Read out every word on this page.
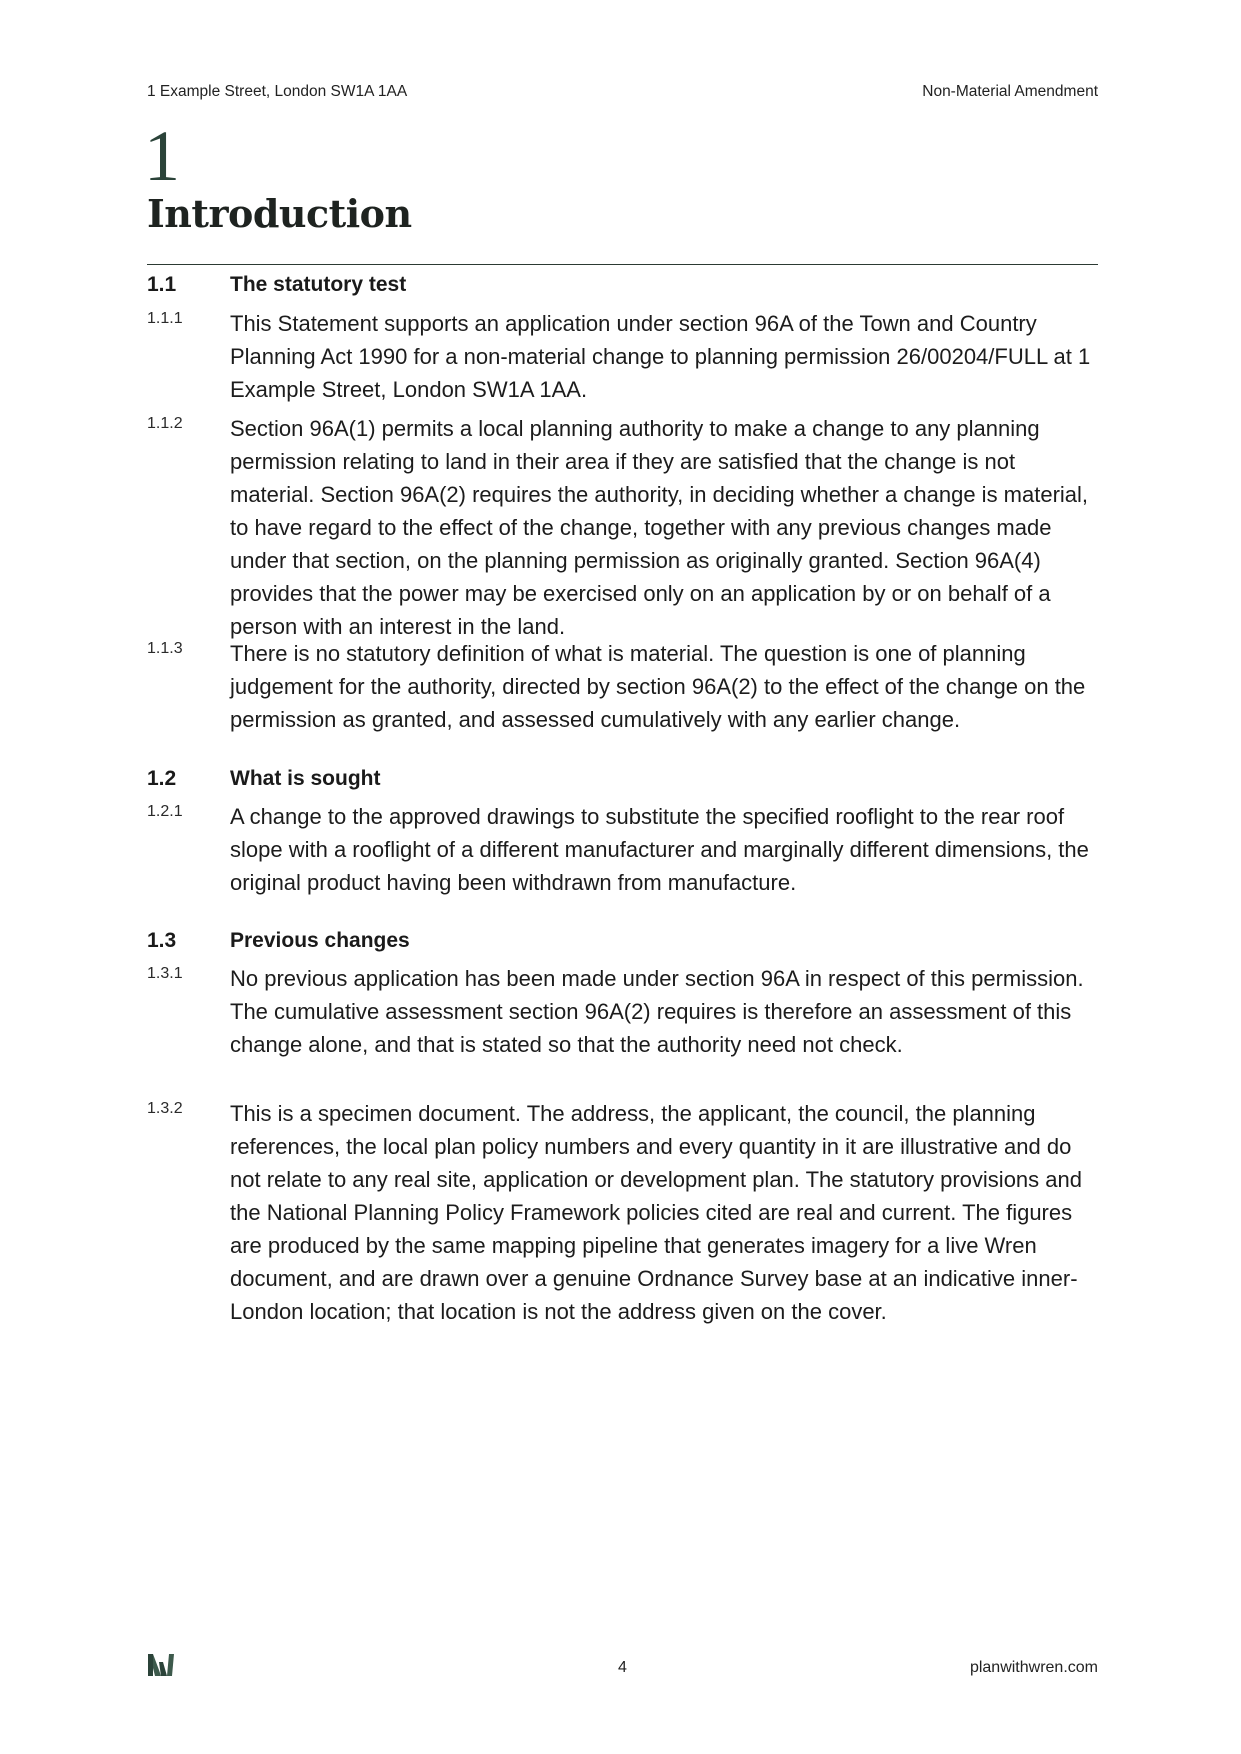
1 Example Street, London SW1A 1AA	Non-Material Amendment
1
Introduction
1.1	The statutory test
1.1.1	This Statement supports an application under section 96A of the Town and Country Planning Act 1990 for a non-material change to planning permission 26/00204/FULL at 1 Example Street, London SW1A 1AA.

1.1.2	Section 96A(1) permits a local planning authority to make a change to any planning permission relating to land in their area if they are satisfied that the change is not material. Section 96A(2) requires the authority, in deciding whether a change is material, to have regard to the effect of the change, together with any previous changes made under that section, on the planning permission as originally granted. Section 96A(4) provides that the power may be exercised only on an application by or on behalf of a person with an interest in the land.

1.1.3	There is no statutory definition of what is material. The question is one of planning judgement for the authority, directed by section 96A(2) to the effect of the change on the permission as granted, and assessed cumulatively with any earlier change.

1.2	What is sought
1.2.1	A change to the approved drawings to substitute the specified rooflight to the rear roof slope with a rooflight of a different manufacturer and marginally different dimensions, the original product having been withdrawn from manufacture.

1.3	Previous changes
1.3.1	No previous application has been made under section 96A in respect of this permission. The cumulative assessment section 96A(2) requires is therefore an assessment of this change alone, and that is stated so that the authority need not check.

1.3.2	This is a specimen document. The address, the applicant, the council, the planning references, the local plan policy numbers and every quantity in it are illustrative and do not relate to any real site, application or development plan. The statutory provisions and the National Planning Policy Framework policies cited are real and current. The figures are produced by the same mapping pipeline that generates imagery for a live Wren document, and are drawn over a genuine Ordnance Survey base at an indicative inner-London location; that location is not the address given on the cover.

4	planwithwren.com
